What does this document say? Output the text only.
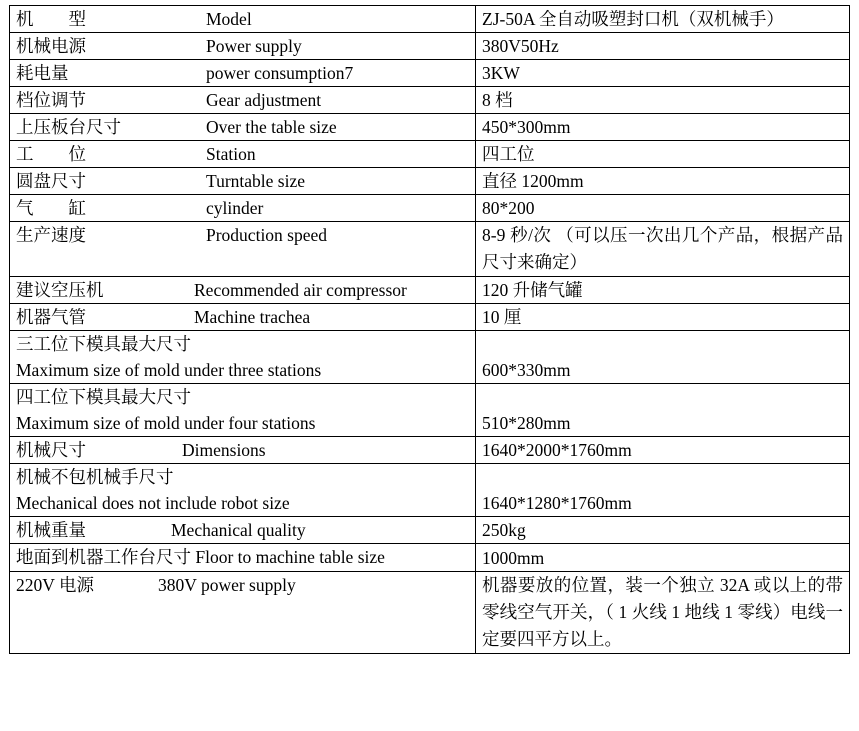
机　　型 Model	ZJ-50A 全自动吸塑封口机（双机械手）
机械电源 Power supply	380V50Hz
耗电量 power consumption7	3KW
档位调节 Gear adjustment	8 档
上压板台尺寸 Over the table size	450*300mm
工　　位 Station	四工位
圆盘尺寸 Turntable size	直径 1200mm
气　　缸 cylinder	80*200
生产速度 Production speed	8-9 秒/次 （可以压一次出几个产品，根据产品尺寸来确定）
建议空压机 Recommended air compressor	120 升储气罐
机器气管 Machine trachea	10 厘

三工位下模具最大尺寸
Maximum size of mold under three stations	600*330mm

四工位下模具最大尺寸
Maximum size of mold under four stations	510*280mm
机械尺寸 Dimensions	1640*2000*1760mm

机械不包机械手尺寸
Mechanical does not include robot size	1640*1280*1760mm
机械重量 Mechanical quality	250kg
地面到机器工作台尺寸 Floor to machine table size	1000mm
220V 电源 380V power supply	机器要放的位置，装一个独立 32A 或以上的带零线空气开关，（ 1 火线 1 地线 1 零线）电线一定要四平方以上。
